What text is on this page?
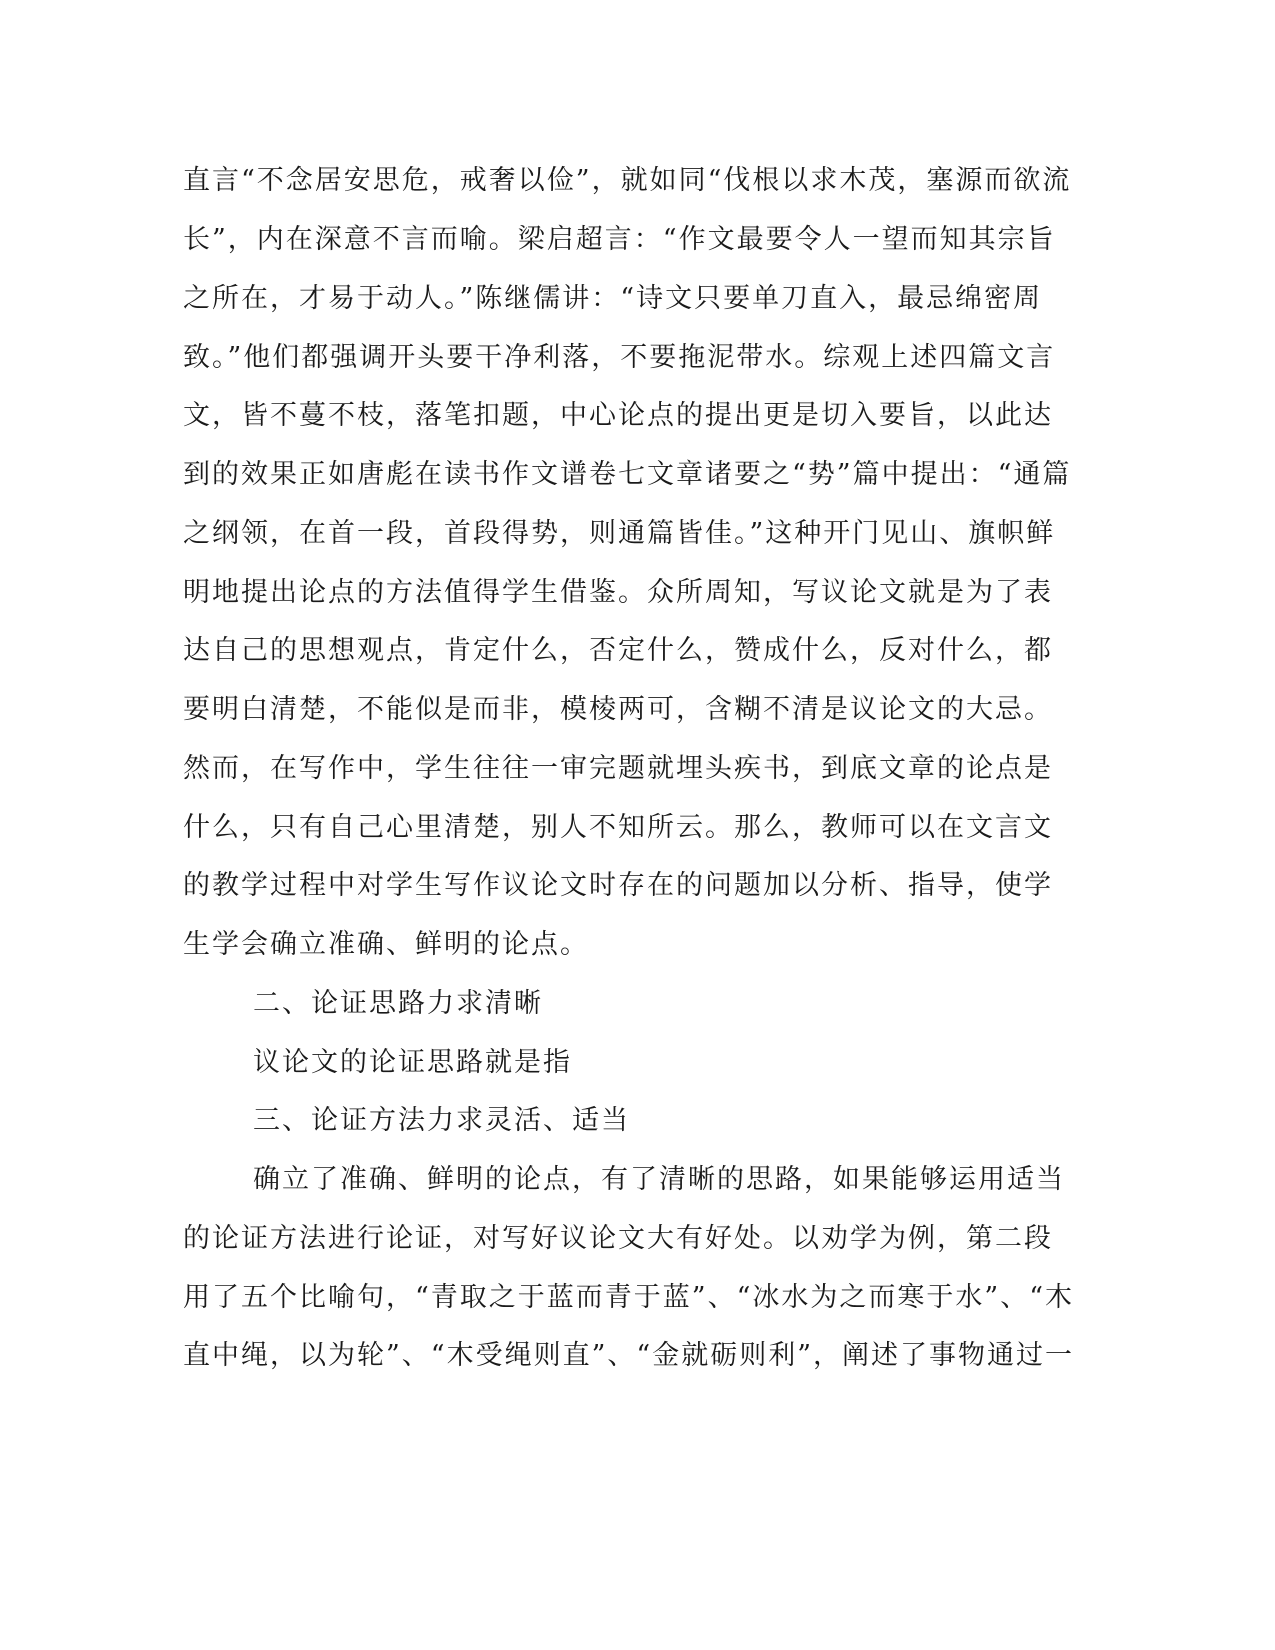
直言“不念居安思危，戒奢以俭”，就如同“伐根以求木茂，塞源而欲流
长”，内在深意不言而喻。梁启超言：“作文最要令人一望而知其宗旨
之所在，才易于动人。”陈继儒讲：“诗文只要单刀直入，最忌绵密周
致。”他们都强调开头要干净利落，不要拖泥带水。综观上述四篇文言
文，皆不蔓不枝，落笔扣题，中心论点的提出更是切入要旨，以此达
到的效果正如唐彪在读书作文谱卷七文章诸要之“势”篇中提出：“通篇
之纲领，在首一段，首段得势，则通篇皆佳。”这种开门见山、旗帜鲜
明地提出论点的方法值得学生借鉴。众所周知，写议论文就是为了表
达自己的思想观点，肯定什么，否定什么，赞成什么，反对什么，都
要明白清楚，不能似是而非，模棱两可，含糊不清是议论文的大忌。
然而，在写作中，学生往往一审完题就埋头疾书，到底文章的论点是
什么，只有自己心里清楚，别人不知所云。那么，教师可以在文言文
的教学过程中对学生写作议论文时存在的问题加以分析、指导，使学
生学会确立准确、鲜明的论点。
二、论证思路力求清晰
议论文的论证思路就是指
三、论证方法力求灵活、适当
确立了准确、鲜明的论点，有了清晰的思路，如果能够运用适当
的论证方法进行论证，对写好议论文大有好处。以劝学为例，第二段
用了五个比喻句，“青取之于蓝而青于蓝”、“冰水为之而寒于水”、“木
直中绳，以为轮”、“木受绳则直”、“金就砺则利”，阐述了事物通过一
